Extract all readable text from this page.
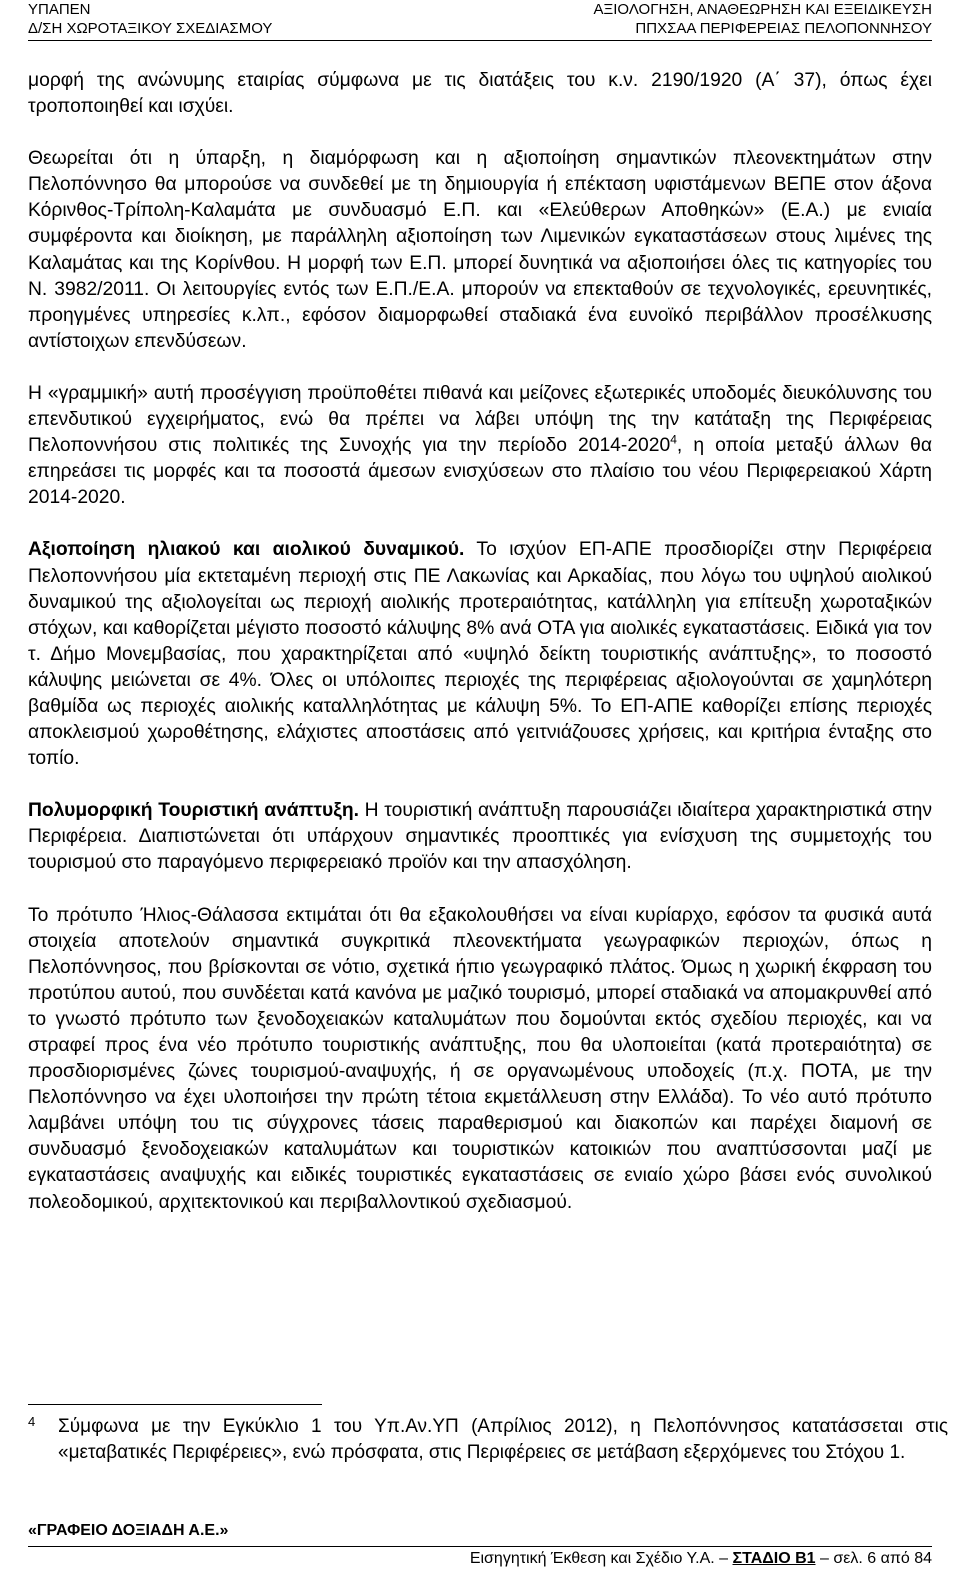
ΥΠΑΠΕΝ
Δ/ΣΗ ΧΩΡΟΤΑΞΙΚΟΥ ΣΧΕΔΙΑΣΜΟΥ
ΑΞΙΟΛΟΓΗΣΗ, ΑΝΑΘΕΩΡΗΣΗ ΚΑΙ ΕΞΕΙΔΙΚΕΥΣΗ
ΠΠΧΣΑΑ ΠΕΡΙΦΕΡΕΙΑΣ ΠΕΛΟΠΟΝΝΗΣΟΥ

μορφή της ανώνυμης εταιρίας σύμφωνα με τις διατάξεις του κ.ν. 2190/1920 (Α΄ 37), όπως έχει τροποποιηθεί και ισχύει.

Θεωρείται ότι η ύπαρξη, η διαμόρφωση και η αξιοποίηση σημαντικών πλεονεκτημάτων στην Πελοπόννησο θα μπορούσε να συνδεθεί με τη δημιουργία ή επέκταση υφιστάμενων ΒΕΠΕ στον άξονα Κόρινθος-Τρίπολη-Καλαμάτα με συνδυασμό Ε.Π. και «Ελεύθερων Αποθηκών» (Ε.Α.) με ενιαία συμφέροντα και διοίκηση, με παράλληλη αξιοποίηση των Λιμενικών εγκαταστάσεων στους λιμένες της Καλαμάτας και της Κορίνθου. Η μορφή των Ε.Π. μπορεί δυνητικά να αξιοποιήσει όλες τις κατηγορίες του Ν. 3982/2011. Οι λειτουργίες εντός των Ε.Π./Ε.Α. μπορούν να επεκταθούν σε τεχνολογικές, ερευνητικές, προηγμένες υπηρεσίες κ.λπ., εφόσον διαμορφωθεί σταδιακά ένα ευνοϊκό περιβάλλον προσέλκυσης αντίστοιχων επενδύσεων.

Η «γραμμική» αυτή προσέγγιση προϋποθέτει πιθανά και μείζονες εξωτερικές υποδομές διευκόλυνσης του επενδυτικού εγχειρήματος, ενώ θα πρέπει να λάβει υπόψη της την κατάταξη της Περιφέρειας Πελοποννήσου στις πολιτικές της Συνοχής για την περίοδο 2014-2020$^4$, η οποία μεταξύ άλλων θα επηρεάσει τις μορφές και τα ποσοστά άμεσων ενισχύσεων στο πλαίσιο του νέου Περιφερειακού Χάρτη 2014-2020.

Αξιοποίηση ηλιακού και αιολικού δυναμικού. Το ισχύον ΕΠ-ΑΠΕ προσδιορίζει στην Περιφέρεια Πελοποννήσου μία εκτεταμένη περιοχή στις ΠΕ Λακωνίας και Αρκαδίας, που λόγω του υψηλού αιολικού δυναμικού της αξιολογείται ως περιοχή αιολικής προτεραιότητας, κατάλληλη για επίτευξη χωροταξικών στόχων, και καθορίζεται μέγιστο ποσοστό κάλυψης 8% ανά ΟΤΑ για αιολικές εγκαταστάσεις. Ειδικά για τον τ. Δήμο Μονεμβασίας, που χαρακτηρίζεται από «υψηλό δείκτη τουριστικής ανάπτυξης», το ποσοστό κάλυψης μειώνεται σε 4%. Όλες οι υπόλοιπες περιοχές της περιφέρειας αξιολογούνται σε χαμηλότερη βαθμίδα ως περιοχές αιολικής καταλληλότητας με κάλυψη 5%. Το ΕΠ-ΑΠΕ καθορίζει επίσης περιοχές αποκλεισμού χωροθέτησης, ελάχιστες αποστάσεις από γειτνιάζουσες χρήσεις, και κριτήρια ένταξης στο τοπίο.

Πολυμορφική Τουριστική ανάπτυξη. Η τουριστική ανάπτυξη παρουσιάζει ιδιαίτερα χαρακτηριστικά στην Περιφέρεια. Διαπιστώνεται ότι υπάρχουν σημαντικές προοπτικές για ενίσχυση της συμμετοχής του τουρισμού στο παραγόμενο περιφερειακό προϊόν και την απασχόληση.

Το πρότυπο Ήλιος-Θάλασσα εκτιμάται ότι θα εξακολουθήσει να είναι κυρίαρχο, εφόσον τα φυσικά αυτά στοιχεία αποτελούν σημαντικά συγκριτικά πλεονεκτήματα γεωγραφικών περιοχών, όπως η Πελοπόννησος, που βρίσκονται σε νότιο, σχετικά ήπιο γεωγραφικό πλάτος. Όμως η χωρική έκφραση του προτύπου αυτού, που συνδέεται κατά κανόνα με μαζικό τουρισμό, μπορεί σταδιακά να απομακρυνθεί από το γνωστό πρότυπο των ξενοδοχειακών καταλυμάτων που δομούνται εκτός σχεδίου περιοχές, και να στραφεί προς ένα νέο πρότυπο τουριστικής ανάπτυξης, που θα υλοποιείται (κατά προτεραιότητα) σε προσδιορισμένες ζώνες τουρισμού-αναψυχής, ή σε οργανωμένους υποδοχείς (π.χ. ΠΟΤΑ, με την Πελοπόννησο να έχει υλοποιήσει την πρώτη τέτοια εκμετάλλευση στην Ελλάδα). Το νέο αυτό πρότυπο λαμβάνει υπόψη του τις σύγχρονες τάσεις παραθερισμού και διακοπών και παρέχει διαμονή σε συνδυασμό ξενοδοχειακών καταλυμάτων και τουριστικών κατοικιών που αναπτύσσονται μαζί με εγκαταστάσεις αναψυχής και ειδικές τουριστικές εγκαταστάσεις σε ενιαίο χώρο βάσει ενός συνολικού πολεοδομικού, αρχιτεκτονικού και περιβαλλοντικού σχεδιασμού.

4 Σύμφωνα με την Εγκύκλιο 1 του Υπ.Αν.ΥΠ (Απρίλιος 2012), η Πελοπόννησος κατατάσσεται στις «μεταβατικές Περιφέρειες», ενώ πρόσφατα, στις Περιφέρειες σε μετάβαση εξερχόμενες του Στόχου 1.
«ΓΡΑΦΕΙΟ ΔΟΞΙΑΔΗ Α.Ε.»
Εισηγητική Έκθεση και Σχέδιο Υ.Α. – ΣΤΑΔΙΟ Β1 – σελ. 6 από 84
